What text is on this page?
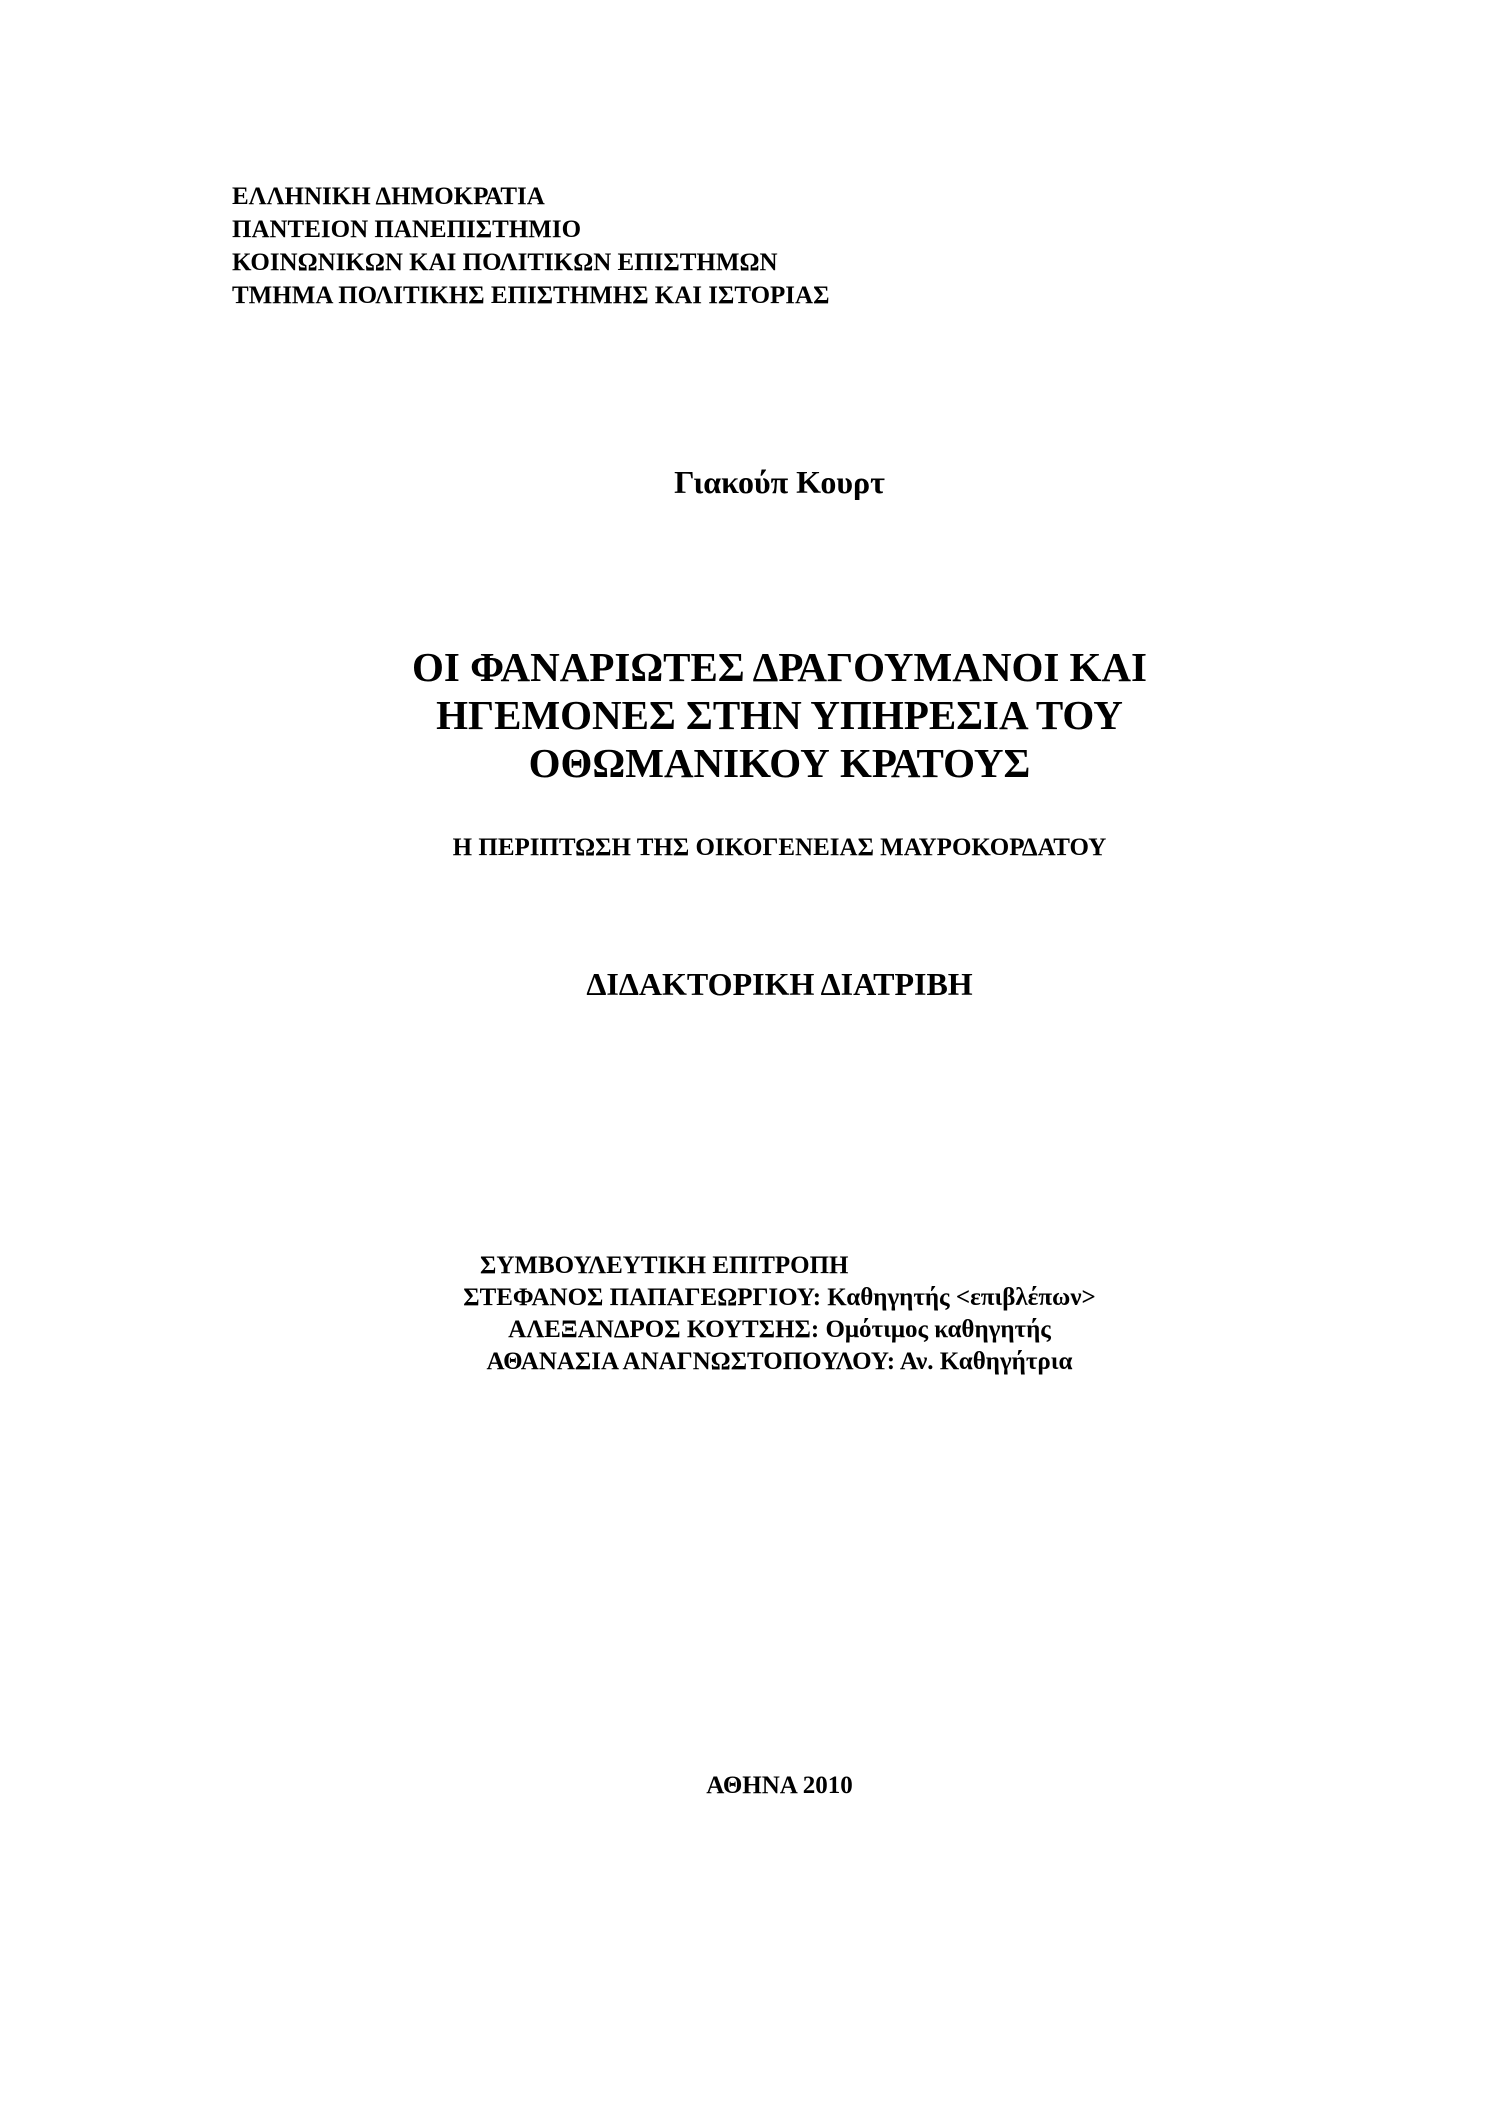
ΕΛΛΗΝΙΚΗ ΔΗΜΟΚΡΑΤΙΑ
ΠΑΝΤΕΙΟΝ ΠΑΝΕΠΙΣΤΗΜΙΟ
ΚΟΙΝΩΝΙΚΩΝ ΚΑΙ ΠΟΛΙΤΙΚΩΝ ΕΠΙΣΤΗΜΩΝ
ΤΜΗΜΑ ΠΟΛΙΤΙΚΗΣ ΕΠΙΣΤΗΜΗΣ ΚΑΙ ΙΣΤΟΡΙΑΣ
Γιακούπ Κουρτ
ΟΙ ΦΑΝΑΡΙΩΤΕΣ ΔΡΑΓΟΥΜΑΝΟΙ ΚΑΙ
ΗΓΕΜΟΝΕΣ ΣΤΗΝ ΥΠΗΡΕΣΙΑ ΤΟΥ
ΟΘΩΜΑΝΙΚΟΥ ΚΡΑΤΟΥΣ
Η ΠΕΡΙΠΤΩΣΗ ΤΗΣ ΟΙΚΟΓΕΝΕΙΑΣ ΜΑΥΡΟΚΟΡΔΑΤΟΥ
ΔΙΔΑΚΤΟΡΙΚΗ ΔΙΑΤΡΙΒΗ
ΣΥΜΒΟΥΛΕΥΤΙΚΗ ΕΠΙΤΡΟΠΗ
ΣΤΕΦΑΝΟΣ ΠΑΠΑΓΕΩΡΓΙΟΥ: Καθηγητής <επιβλέπων>
ΑΛΕΞΑΝΔΡΟΣ ΚΟΥΤΣΗΣ: Ομότιμος καθηγητής
ΑΘΑΝΑΣΙΑ ΑΝΑΓΝΩΣΤΟΠΟΥΛΟΥ: Αν. Καθηγήτρια
ΑΘΗΝΑ 2010
